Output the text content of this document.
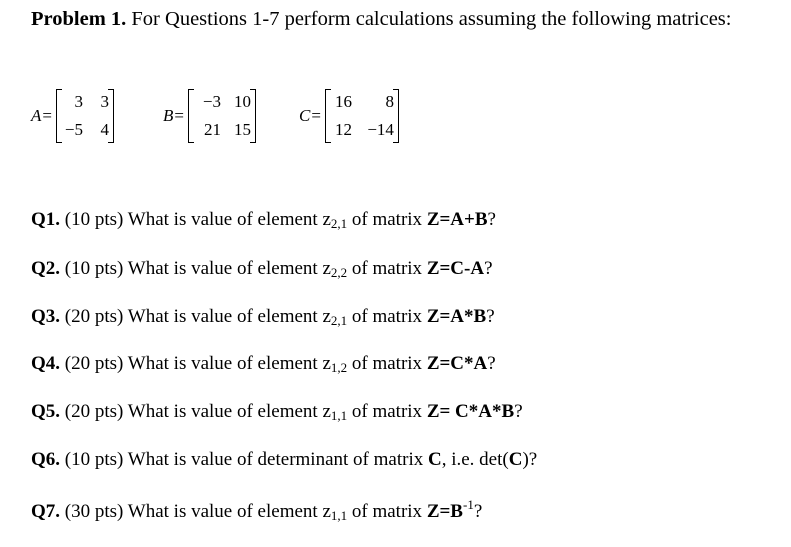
Problem 1. For Questions 1-7 perform calculations assuming the following matrices:
A =
3	3
−5	4
B =
−3 10
21 15
C =
16	8
12 −14
Q1. (10 pts) What is value of element $z_{2,1}$ of matrix Z=A+B?
Q2. (10 pts) What is value of element $z_{2,2}$ of matrix Z=C-A?
Q3. (20 pts) What is value of element $z_{2,1}$ of matrix Z=A*B?
Q4. (20 pts) What is value of element $z_{1,2}$ of matrix Z=C*A?
Q5. (20 pts) What is value of element $z_{1,1}$ of matrix Z= C*A*B?
Q6. (10 pts) What is value of determinant of matrix C, i.e. det(C)?
Q7. (30 pts) What is value of element $z_{1,1}$ of matrix $Z=B^{-1}$?
